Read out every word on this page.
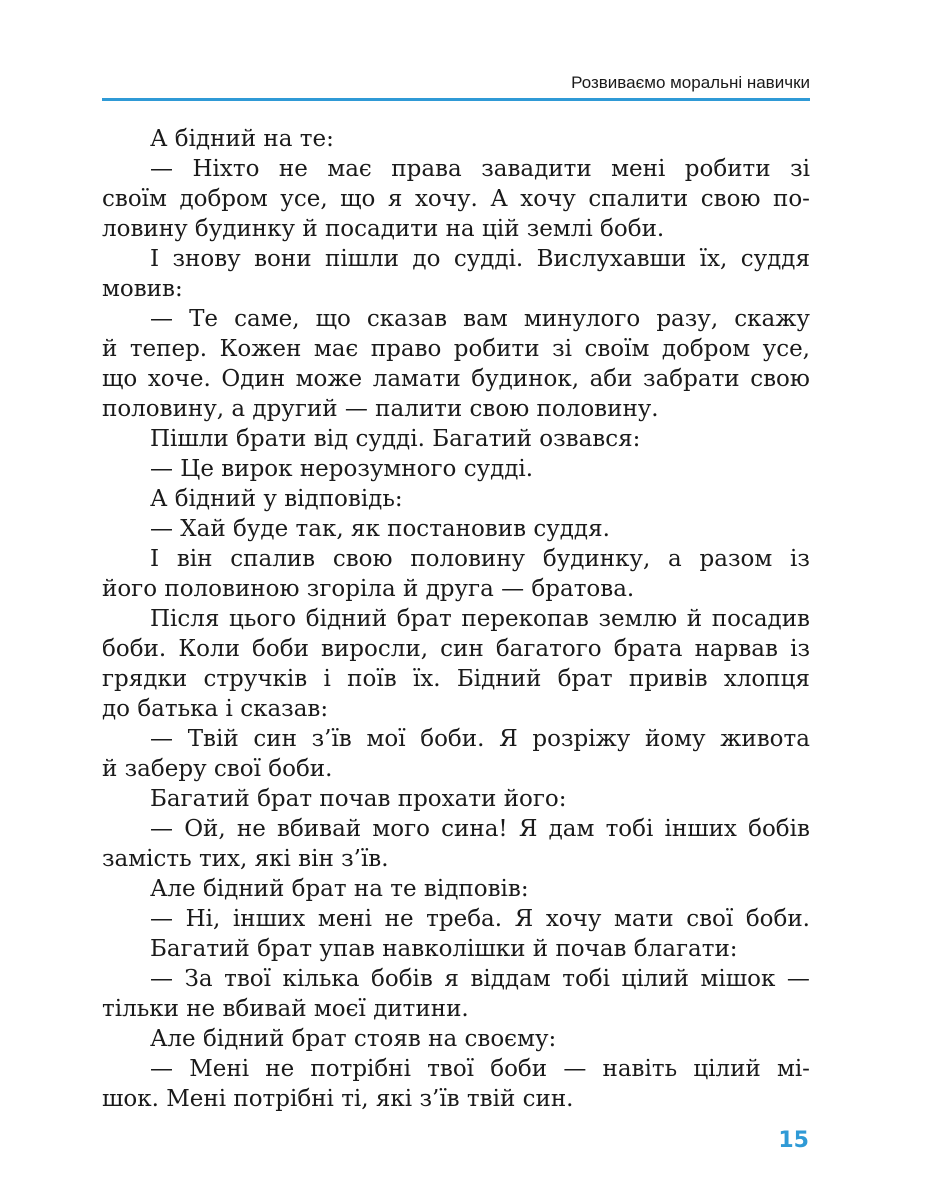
Розвиваємо моральні навички
А бідний на те:
— Ніхто не має права завадити мені робити зі
своїм добром усе, що я хочу. А хочу спалити свою по-
ловину будинку й посадити на цій землі боби.
І знову вони пішли до судді. Вислухавши їх, суддя
мовив:
— Те саме, що сказав вам минулого разу, скажу
й тепер. Кожен має право робити зі своїм добром усе,
що хоче. Один може ламати будинок, аби забрати свою
половину, а другий — палити свою половину.
Пішли брати від судді. Багатий озвався:
— Це вирок нерозумного судді.
А бідний у відповідь:
— Хай буде так, як постановив суддя.
І він спалив свою половину будинку, а разом із
його половиною згоріла й друга — братова.
Після цього бідний брат перекопав землю й посадив
боби. Коли боби виросли, син багатого брата нарвав із
грядки стручків і поїв їх. Бідний брат привів хлопця
до батька і сказав:
— Твій син з’їв мої боби. Я розріжу йому живота
й заберу свої боби.
Багатий брат почав прохати його:
— Ой, не вбивай мого сина! Я дам тобі інших бобів
замість тих, які він з’їв.
Але бідний брат на те відповів:
— Ні, інших мені не треба. Я хочу мати свої боби.
Багатий брат упав навколішки й почав благати:
— За твої кілька бобів я віддам тобі цілий мішок —
тільки не вбивай моєї дитини.
Але бідний брат стояв на своєму:
— Мені не потрібні твої боби — навіть цілий мі-
шок. Мені потрібні ті, які з’їв твій син.
15
